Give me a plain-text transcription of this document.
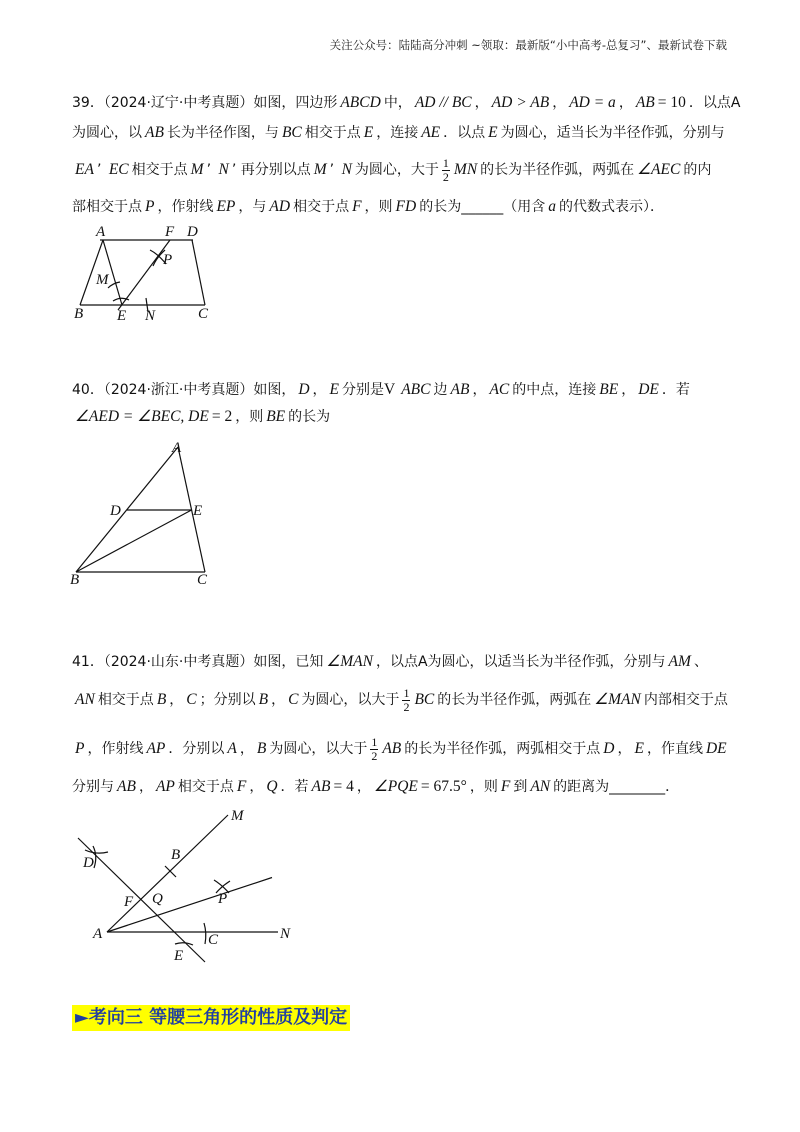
关注公众号：陆陆高分冲刺 ~领取：最新版“小中高考-总复习”、最新试卷下载
39．（2024·辽宁·中考真题）如图，四边形 ABCD 中， AD // BC ， AD > AB ， AD = a ， AB = 10 ．以点A
为圆心，以 AB 长为半径作图，与 BC 相交于点 E ，连接 AE ．以点 E 为圆心，适当长为半径作弧，分别与
EA ’ EC 相交于点 M ’ N ’ 再分别以点 M ’ N 为圆心，大于 $\frac{1}{2}$ MN 的长为半径作弧，两弧在 ∠AEC 的内
部相交于点 P ，作射线 EP ，与 AD 相交于点 F ，则 FD 的长为______（用含 a 的代数式表示）．
A	F D
P
M
B E N	C
40．（2024·浙江·中考真题）如图， D ， E 分别是 V ABC 边 AB ， AC 的中点，连接 BE ， DE ．若
∠AED = ∠BEC, DE = 2 ，则 BE 的长为
A
D	E
B	C
41．（2024·山东·中考真题）如图，已知 ∠MAN ，以点A为圆心，以适当长为半径作弧，分别与 AM 、
AN 相交于点 B ， C ；分别以 B ， C 为圆心，以大于 $\frac{1}{2}$ BC 的长为半径作弧，两弧在 ∠MAN 内部相交于点
P ，作射线 AP ．分别以 A ， B 为圆心，以大于 $\frac{1}{2}$ AB 的长为半径作弧，两弧相交于点 D ， E ，作直线 DE
分别与 AB ， AP 相交于点 F ， Q ．若 AB = 4 ， ∠PQE = 67.5° ，则 F 到 AN 的距离为________．
M
B
D
F Q	P
A
E
C	N
►考向三 等腰三角形的性质及判定
